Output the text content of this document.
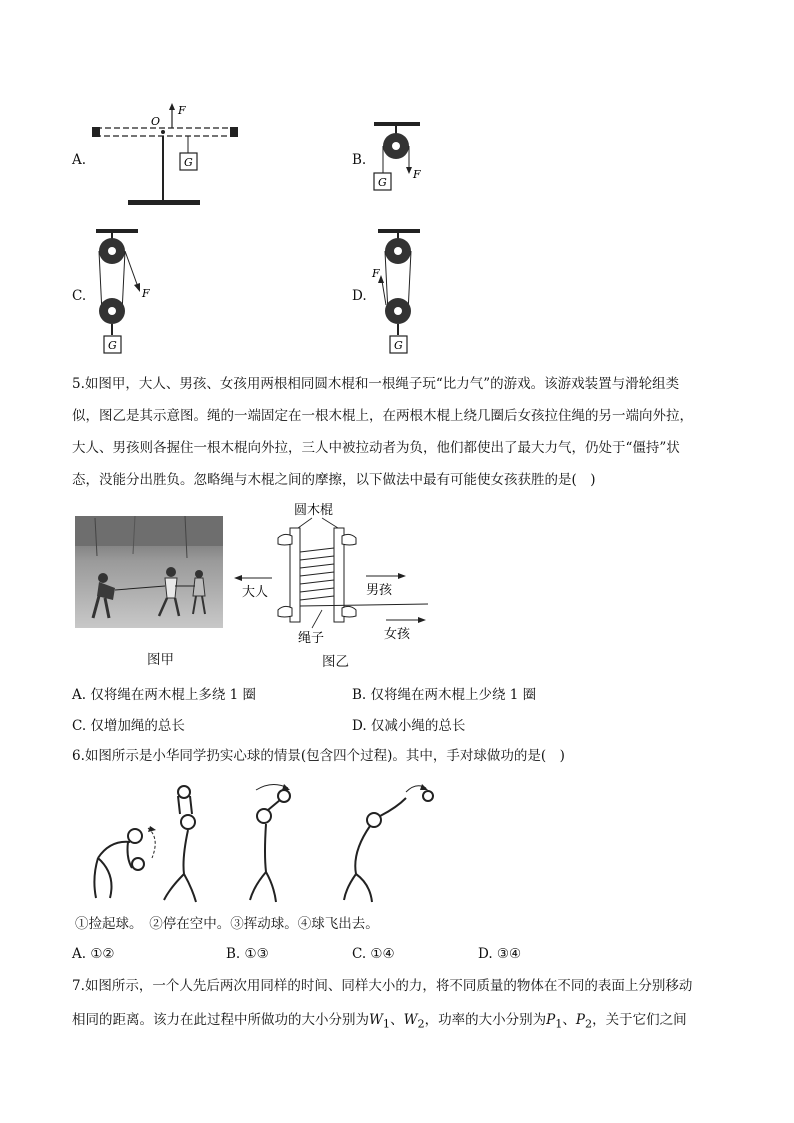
A.	B.
C.	D.
O
F
G
F
G
F
G
F
G
5.如图甲，大人、男孩、女孩用两根相同圆木棍和一根绳子玩“比力气”的游戏。该游戏装置与滑轮组类
似，图乙是其示意图。绳的一端固定在一根木棍上，在两根木棍上绕几圈后女孩拉住绳的另一端向外拉，
大人、男孩则各握住一根木棍向外拉，三人中被拉动者为负，他们都使出了最大力气，仍处于“僵持”状
态，没能分出胜负。忽略绳与木棍之间的摩擦，以下做法中最有可能使女孩获胜的是(　)
图甲
圆木棍
大人	男孩
女孩
绳子
图乙
A. 仅将绳在两木棍上多绕 1 圈	B. 仅将绳在两木棍上少绕 1 圈
C. 仅增加绳的总长	D. 仅减小绳的总长
6.如图所示是小华同学扔实心球的情景(包含四个过程)。其中，手对球做功的是(　)
①捡起球。　②停在空中。③挥动球。④球飞出去。
A. ①②	B. ①③	C. ①④	D. ③④
7.如图所示，一个人先后两次用同样的时间、同样大小的力，将不同质量的物体在不同的表面上分别移动
相同的距离。该力在此过程中所做功的大小分别为$W_1$、$W_2$，功率的大小分别为$P_1$、$P_2$，关于它们之间
